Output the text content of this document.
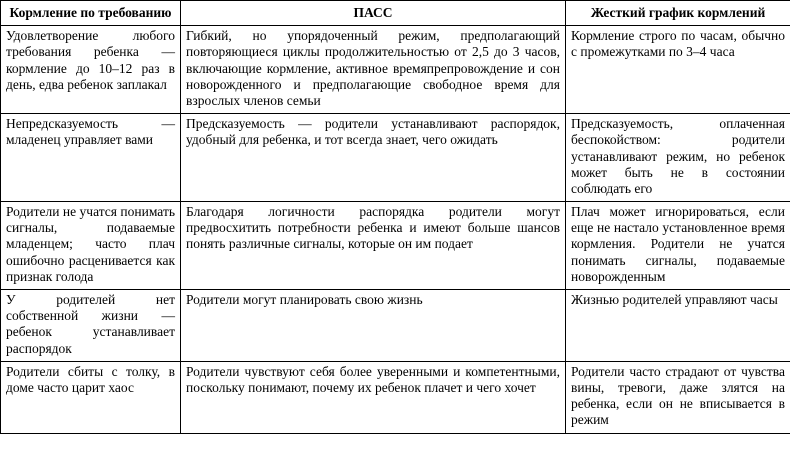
Кормление по требованию	ПАСС	Жесткий график кормлений
Удовлетворение любого требования ребенка — кормление до 10–12 раз в день, едва ребенок заплакал	Гибкий, но упорядоченный режим, предполагающий повторяющиеся циклы продолжительностью от 2,5 до 3 часов, включающие кормление, активное времяпрепровождение и сон новорожденного и предполагающие свободное время для взрослых членов семьи	Кормление строго по часам, обычно с промежутками по 3–4 часа
Непредсказуемость — младенец управляет вами	Предсказуемость — родители устанавливают распорядок, удобный для ребенка, и тот всегда знает, чего ожидать	Предсказуемость, оплаченная беспокойством: родители устанавливают режим, но ребенок может быть не в состоянии соблюдать его
Родители не учатся понимать сигналы, подаваемые младенцем; часто плач ошибочно расценивается как признак голода	Благодаря логичности распорядка родители могут предвосхитить потребности ребенка и имеют больше шансов понять различные сигналы, которые он им подает	Плач может игнорироваться, если еще не настало установленное время кормления. Родители не учатся понимать сигналы, подаваемые новорожденным
У родителей нет собственной жизни — ребенок устанавливает распорядок	Родители могут планировать свою жизнь	Жизнью родителей управляют часы
Родители сбиты с толку, в доме часто царит хаос	Родители чувствуют себя более уверенными и компетентными, поскольку понимают, почему их ребенок плачет и чего хочет	Родители часто страдают от чувства вины, тревоги, даже злятся на ребенка, если он не вписывается в режим
